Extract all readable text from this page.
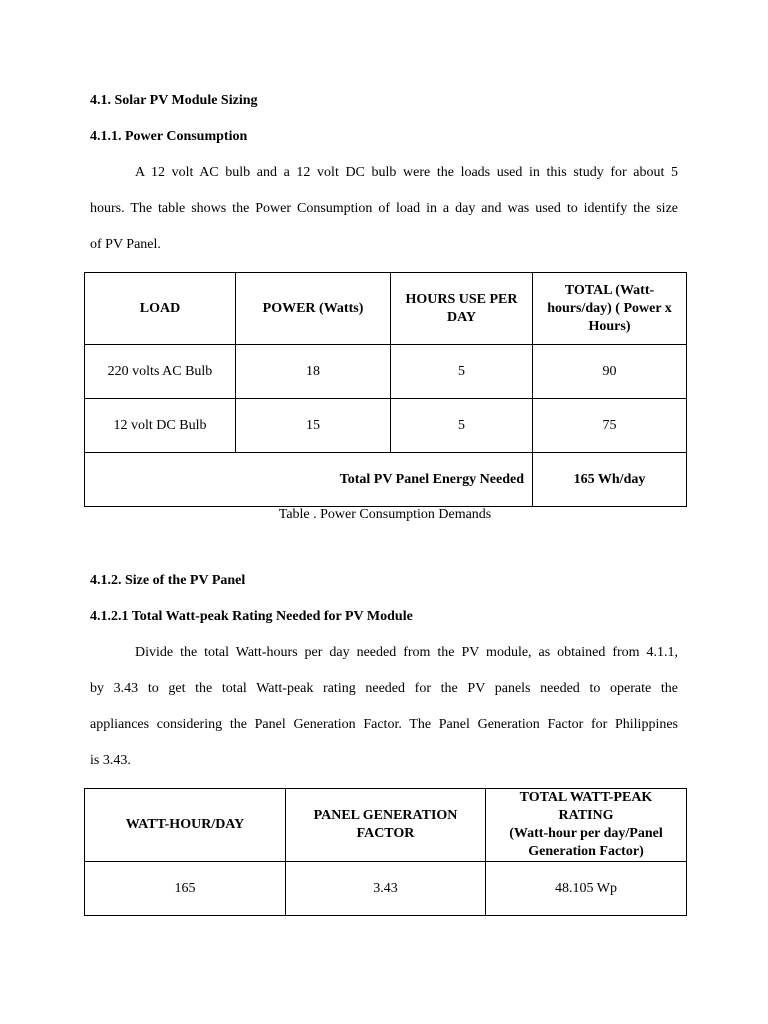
4.1. Solar PV Module Sizing
4.1.1. Power Consumption
A 12 volt AC bulb and a 12 volt DC bulb were the loads used in this study for about 5
hours. The table shows the Power Consumption of load in a day and was used to identify the size
of PV Panel.
LOAD	POWER (Watts)	HOURS USE PER DAY	TOTAL (Watt-hours/day) ( Power x Hours)
220 volts AC Bulb	18	5	90
12 volt DC Bulb	15	5	75
Total PV Panel Energy Needed			165 Wh/day
Table . Power Consumption Demands
4.1.2. Size of the PV Panel
4.1.2.1 Total Watt-peak Rating Needed for PV Module
Divide the total Watt-hours per day needed from the PV module, as obtained from 4.1.1,
by 3.43 to get the total Watt-peak rating needed for the PV panels needed to operate the
appliances considering the Panel Generation Factor. The Panel Generation Factor for Philippines
is 3.43.
WATT-HOUR/DAY	PANEL GENERATION FACTOR	TOTAL WATT-PEAK
RATING
(Watt-hour per day/Panel
Generation Factor)

165	3.43	48.105 Wp
